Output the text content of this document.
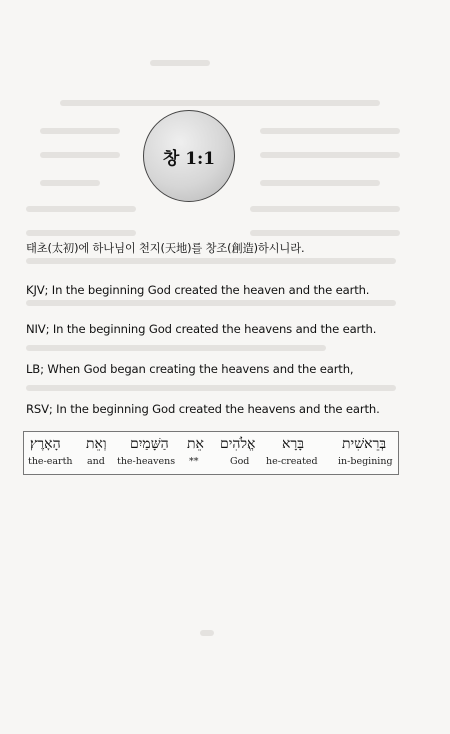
창 1:1
태초(太初)에 하나님이 천지(天地)를 창조(創造)하시니라.
KJV; In the beginning God created the heaven and the earth.
NIV; In the beginning God created the heavens and the earth.
LB; When God began creating the heavens and the earth,
RSV; In the beginning God created the heavens and the earth.
הָאָרֶץ׃
the-earth
וְאֵת
and
הַשָּׁמַיִם
the-heavens
אֵת
**
אֱלֹהִים
God
בָּרָא
he-created
בְּרֵאשִׁית
in-begining
